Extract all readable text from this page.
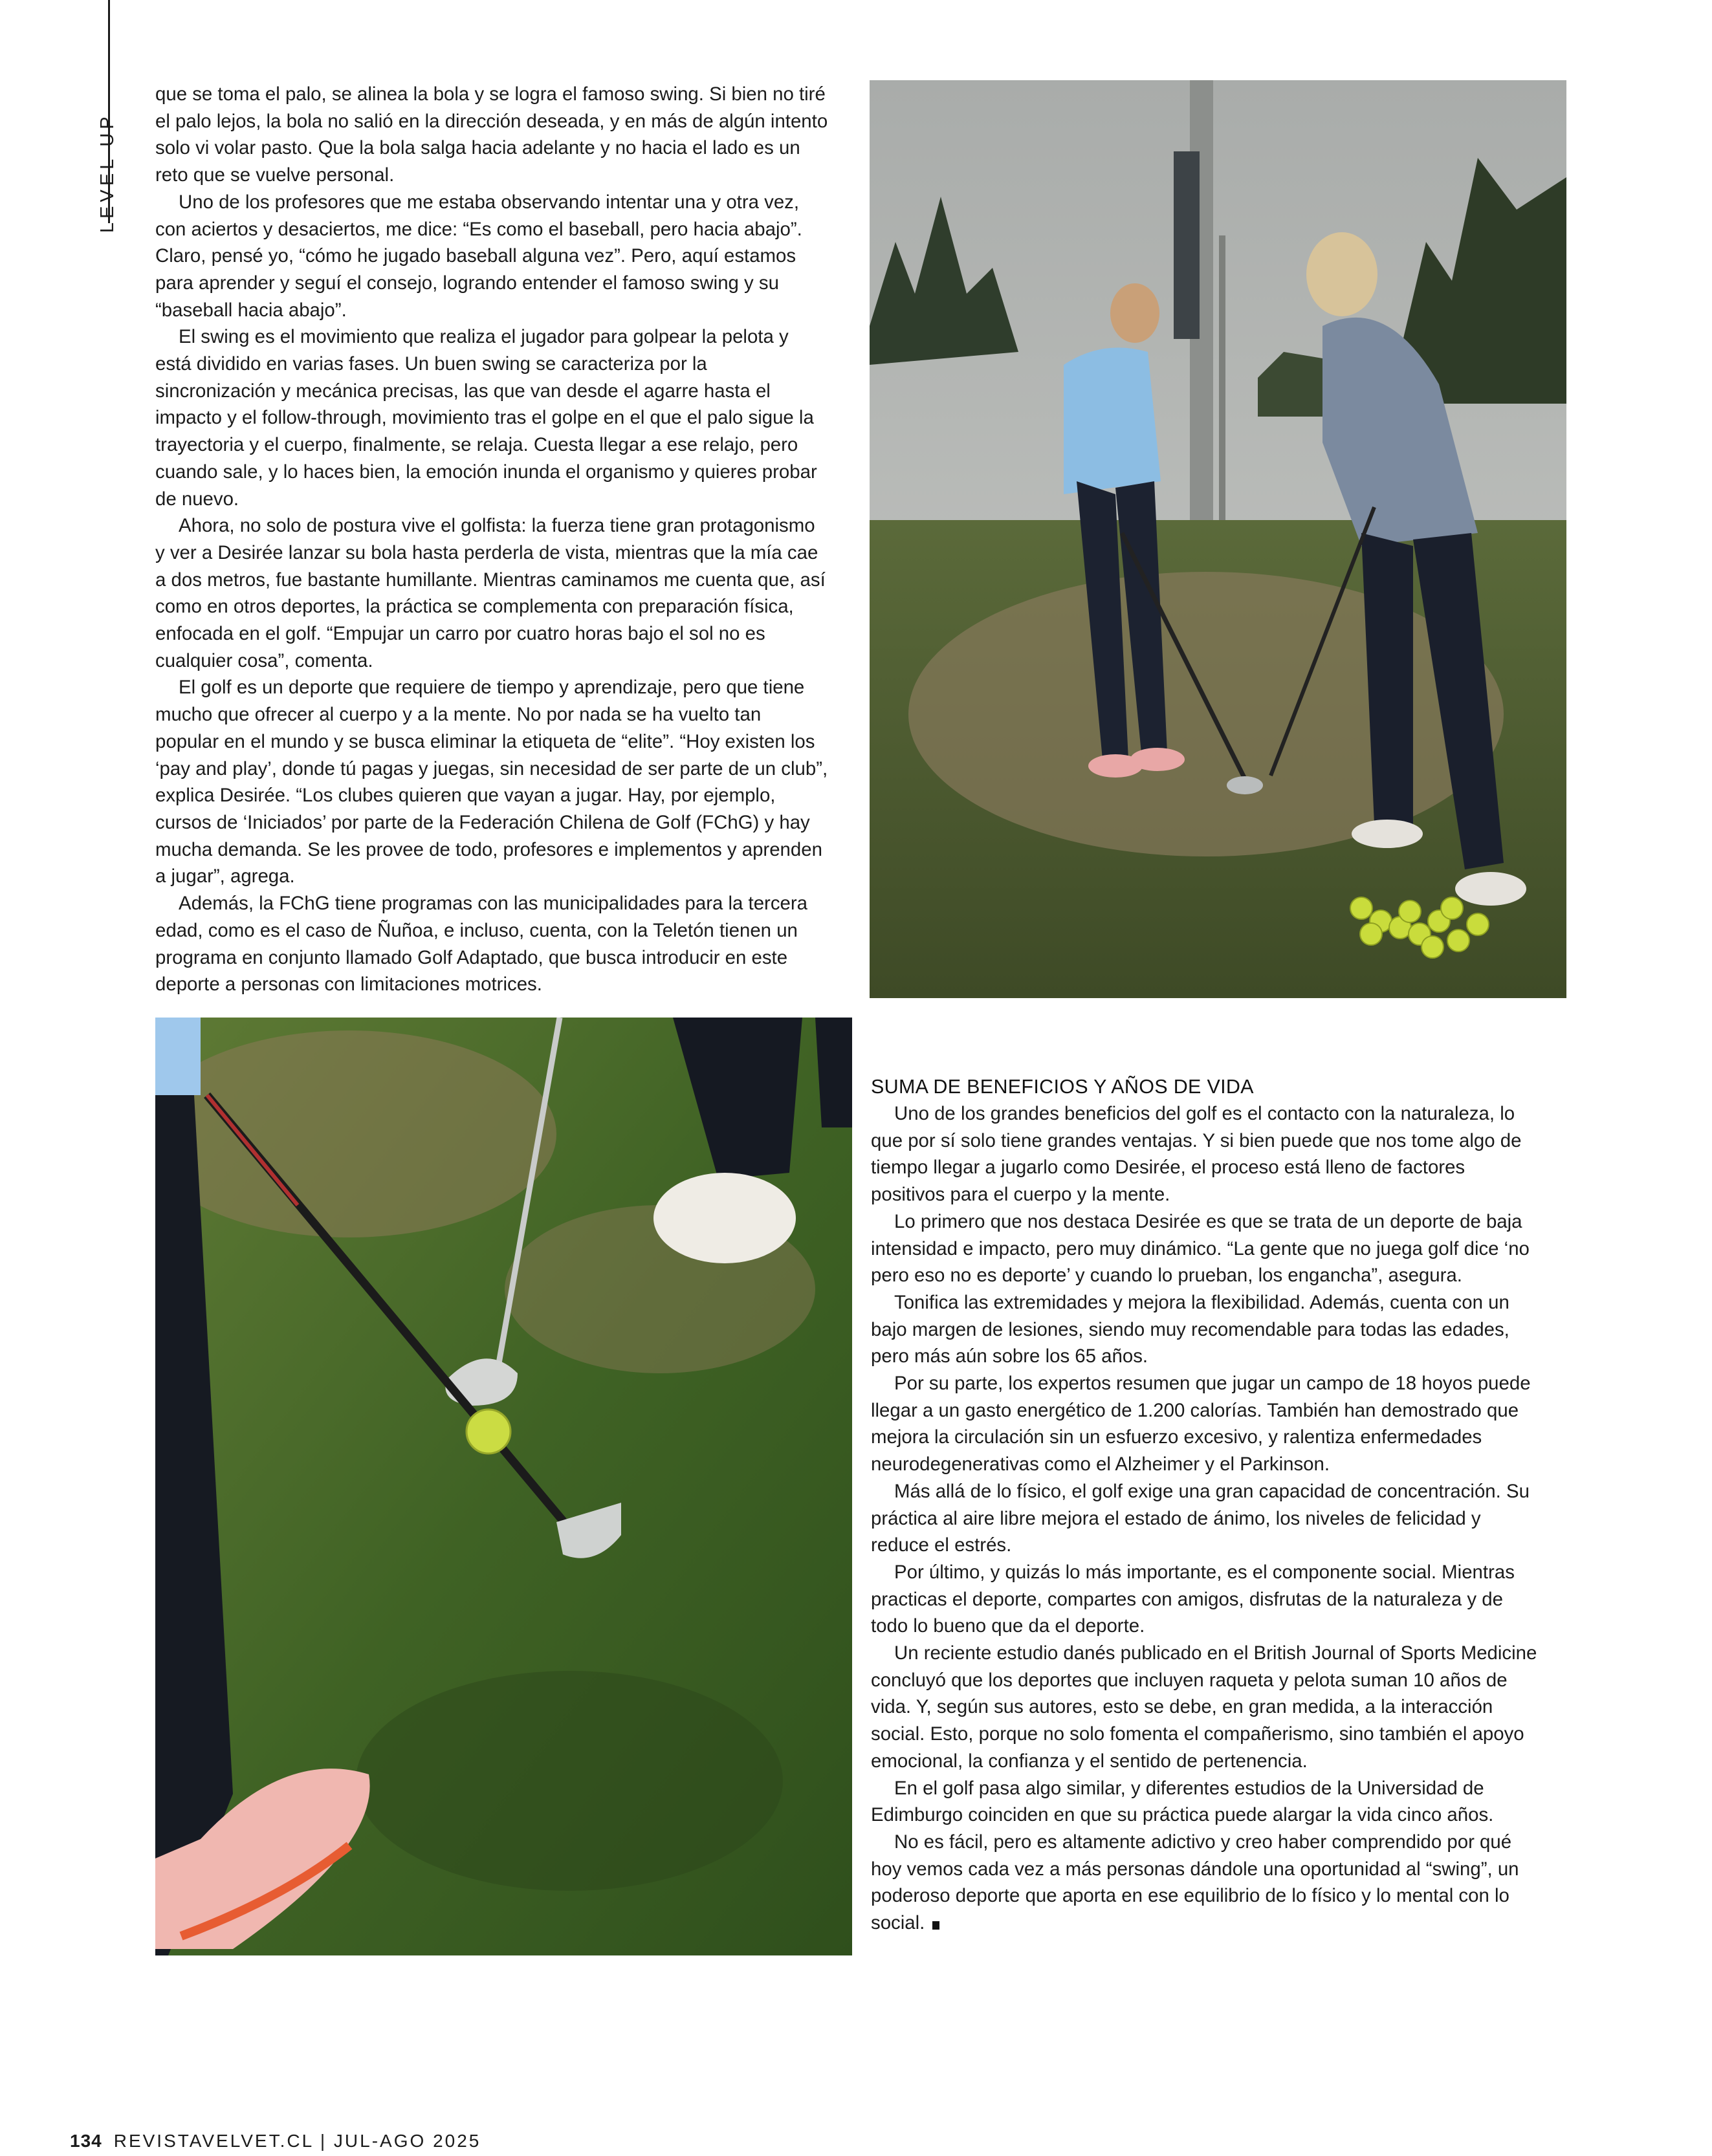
LEVEL UP

que se toma el palo, se alinea la bola y se logra el famoso swing. Si bien no tiré el palo lejos, la bola no salió en la dirección deseada, y en más de algún intento solo vi volar pasto. Que la bola salga hacia adelante y no hacia el lado es un reto que se vuelve personal.

Uno de los profesores que me estaba observando intentar una y otra vez, con aciertos y desaciertos, me dice: “Es como el baseball, pero hacia abajo”. Claro, pensé yo, “cómo he jugado baseball alguna vez”. Pero, aquí estamos para aprender y seguí el consejo, logrando entender el famoso swing y su “baseball hacia abajo”.

El swing es el movimiento que realiza el jugador para golpear la pelota y está dividido en varias fases. Un buen swing se caracteriza por la sincronización y mecánica precisas, las que van desde el agarre hasta el impacto y el follow-through, movimiento tras el golpe en el que el palo sigue la trayectoria y el cuerpo, finalmente, se relaja. Cuesta llegar a ese relajo, pero cuando sale, y lo haces bien, la emoción inunda el organismo y quieres probar de nuevo.

Ahora, no solo de postura vive el golfista: la fuerza tiene gran protagonismo y ver a Desirée lanzar su bola hasta perderla de vista, mientras que la mía cae a dos metros, fue bastante humillante. Mientras caminamos me cuenta que, así como en otros deportes, la práctica se complementa con preparación física, enfocada en el golf. “Empujar un carro por cuatro horas bajo el sol no es cualquier cosa”, comenta.

El golf es un deporte que requiere de tiempo y aprendizaje, pero que tiene mucho que ofrecer al cuerpo y a la mente. No por nada se ha vuelto tan popular en el mundo y se busca eliminar la etiqueta de “elite”. “Hoy existen los ‘pay and play’, donde tú pagas y juegas, sin necesidad de ser parte de un club”, explica Desirée. “Los clubes quieren que vayan a jugar. Hay, por ejemplo, cursos de ‘Iniciados’ por parte de la Federación Chilena de Golf (FChG) y hay mucha demanda. Se les provee de todo, profesores e implementos y aprenden a jugar”, agrega.

Además, la FChG tiene programas con las municipalidades para la tercera edad, como es el caso de Ñuñoa, e incluso, cuenta, con la Teletón tienen un programa en conjunto llamado Golf Adaptado, que busca introducir en este deporte a personas con limitaciones motrices.

SUMA DE BENEFICIOS Y AÑOS DE VIDA

Uno de los grandes beneficios del golf es el contacto con la naturaleza, lo que por sí solo tiene grandes ventajas. Y si bien puede que nos tome algo de tiempo llegar a jugarlo como Desirée, el proceso está lleno de factores positivos para el cuerpo y la mente.

Lo primero que nos destaca Desirée es que se trata de un deporte de baja intensidad e impacto, pero muy dinámico. “La gente que no juega golf dice ‘no pero eso no es deporte’ y cuando lo prueban, los engancha”, asegura.

Tonifica las extremidades y mejora la flexibilidad. Además, cuenta con un bajo margen de lesiones, siendo muy recomendable para todas las edades, pero más aún sobre los 65 años.

Por su parte, los expertos resumen que jugar un campo de 18 hoyos puede llegar a un gasto energético de 1.200 calorías. También han demostrado que mejora la circulación sin un esfuerzo excesivo, y ralentiza enfermedades neurodegenerativas como el Alzheimer y el Parkinson.

Más allá de lo físico, el golf exige una gran capacidad de concentración. Su práctica al aire libre mejora el estado de ánimo, los niveles de felicidad y reduce el estrés.

Por último, y quizás lo más importante, es el componente social. Mientras practicas el deporte, compartes con amigos, disfrutas de la naturaleza y de todo lo bueno que da el deporte.

Un reciente estudio danés publicado en el British Journal of Sports Medicine concluyó que los deportes que incluyen raqueta y pelota suman 10 años de vida. Y, según sus autores, esto se debe, en gran medida, a la interacción social. Esto, porque no solo fomenta el compañerismo, sino también el apoyo emocional, la confianza y el sentido de pertenencia.

En el golf pasa algo similar, y diferentes estudios de la Universidad de Edimburgo coinciden en que su práctica puede alargar la vida cinco años.

No es fácil, pero es altamente adictivo y creo haber comprendido por qué hoy vemos cada vez a más personas dándole una oportunidad al “swing”, un poderoso deporte que aporta en ese equilibrio de lo físico y lo mental con lo social.

134 REVISTAVELVET.CL | JUL-AGO 2025
